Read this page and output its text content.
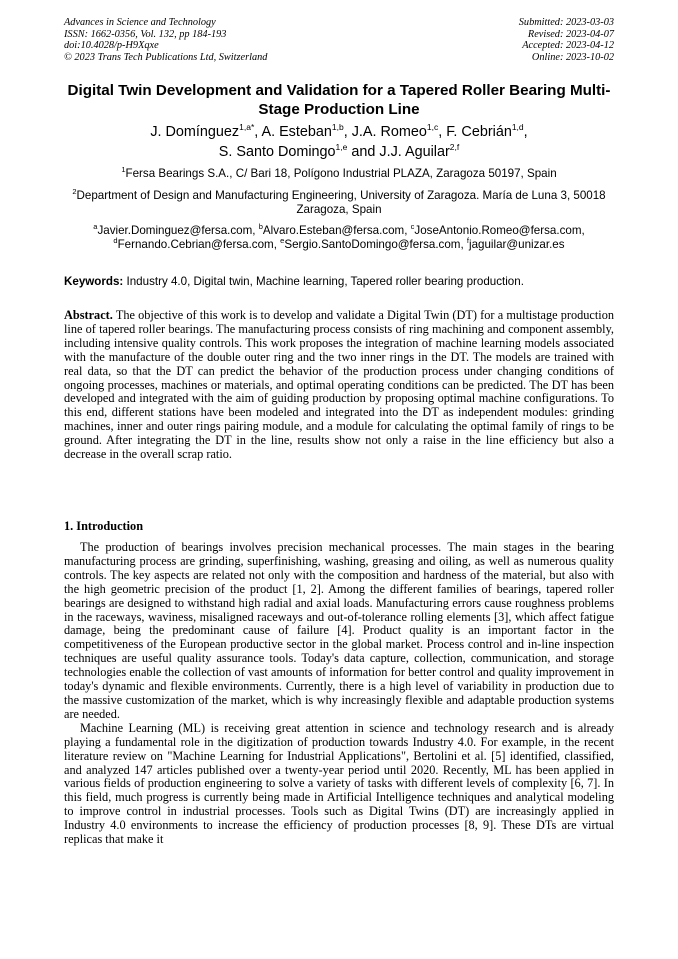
Advances in Science and Technology
ISSN: 1662-0356, Vol. 132, pp 184-193
doi:10.4028/p-H9Xqxe
© 2023 Trans Tech Publications Ltd, Switzerland
Submitted: 2023-03-03
Revised: 2023-04-07
Accepted: 2023-04-12
Online: 2023-10-02
Digital Twin Development and Validation for a Tapered Roller Bearing Multi-Stage Production Line
J. Domínguez$^{1,a*}$, A. Esteban$^{1,b}$, J.A. Romeo$^{1,c}$, F. Cebrián$^{1,d}$,
S. Santo Domingo$^{1,e}$ and J.J. Aguilar$^{2,f}$
$^1$Fersa Bearings S.A., C/ Bari 18, Polígono Industrial PLAZA, Zaragoza 50197, Spain
$^2$Department of Design and Manufacturing Engineering, University of Zaragoza. María de Luna 3, 50018 Zaragoza, Spain
$^a$Javier.Dominguez@fersa.com, $^b$Alvaro.Esteban@fersa.com, $^c$JoseAntonio.Romeo@fersa.com,
$^d$Fernando.Cebrian@fersa.com, $^e$Sergio.SantoDomingo@fersa.com, $^f$jaguilar@unizar.es
Keywords: Industry 4.0, Digital twin, Machine learning, Tapered roller bearing production.
Abstract. The objective of this work is to develop and validate a Digital Twin (DT) for a multistage production line of tapered roller bearings. The manufacturing process consists of ring machining and component assembly, including intensive quality controls. This work proposes the integration of machine learning models associated with the manufacture of the double outer ring and the two inner rings in the DT. The models are trained with real data, so that the DT can predict the behavior of the production process under changing conditions of ongoing processes, machines or materials, and optimal operating conditions can be predicted. The DT has been developed and integrated with the aim of guiding production by proposing optimal machine configurations. To this end, different stations have been modeled and integrated into the DT as independent modules: grinding machines, inner and outer rings pairing module, and a module for calculating the optimal family of rings to be ground. After integrating the DT in the line, results show not only a raise in the line efficiency but also a decrease in the overall scrap ratio.
1. Introduction

The production of bearings involves precision mechanical processes. The main stages in the bearing manufacturing process are grinding, superfinishing, washing, greasing and oiling, as well as numerous quality controls. The key aspects are related not only with the composition and hardness of the material, but also with the high geometric precision of the product [1, 2]. Among the different families of bearings, tapered roller bearings are designed to withstand high radial and axial loads. Manufacturing errors cause roughness problems in the raceways, waviness, misaligned raceways and out-of-tolerance rolling elements [3], which affect fatigue damage, being the predominant cause of failure [4]. Product quality is an important factor in the competitiveness of the European productive sector in the global market. Process control and in-line inspection techniques are useful quality assurance tools. Today's data capture, collection, communication, and storage technologies enable the collection of vast amounts of information for better control and quality improvement in today's dynamic and flexible environments. Currently, there is a high level of variability in production due to the massive customization of the market, which is why increasingly flexible and adaptable production systems are needed.

Machine Learning (ML) is receiving great attention in science and technology research and is already playing a fundamental role in the digitization of production towards Industry 4.0. For example, in the recent literature review on "Machine Learning for Industrial Applications", Bertolini et al. [5] identified, classified, and analyzed 147 articles published over a twenty-year period until 2020. Recently, ML has been applied in various fields of production engineering to solve a variety of tasks with different levels of complexity [6, 7]. In this field, much progress is currently being made in Artificial Intelligence techniques and analytical modeling to improve control in industrial processes. Tools such as Digital Twins (DT) are increasingly applied in Industry 4.0 environments to increase the efficiency of production processes [8, 9]. These DTs are virtual replicas that make it
